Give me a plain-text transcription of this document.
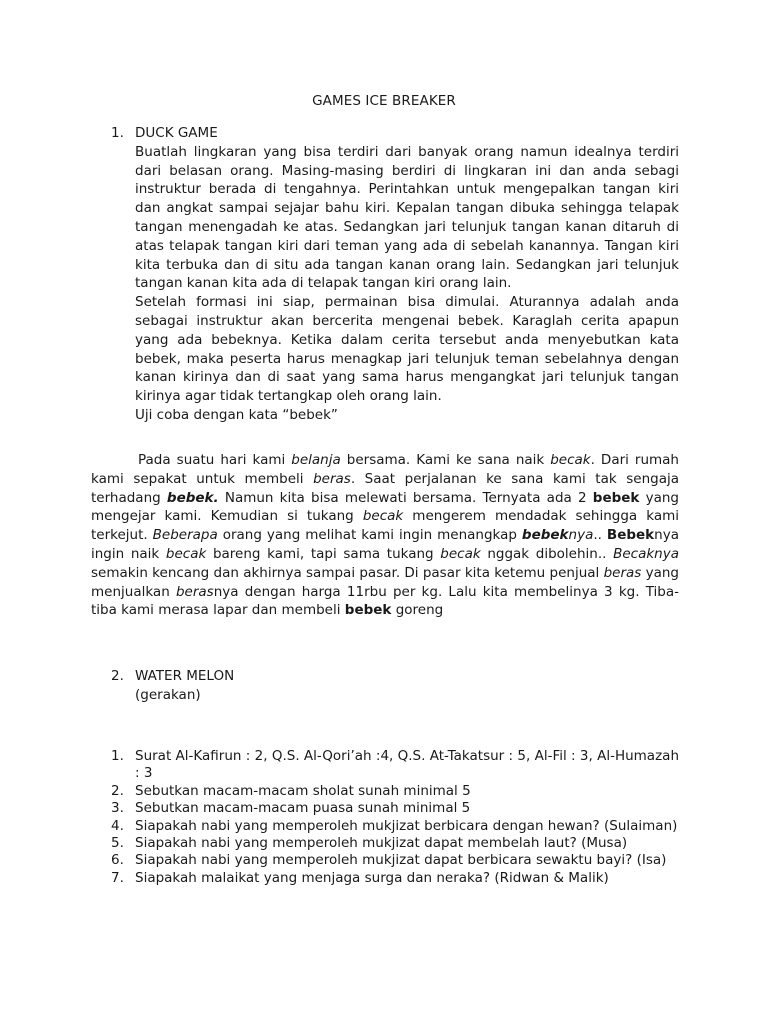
GAMES ICE BREAKER
1. DUCK GAME

Buatlah lingkaran yang bisa terdiri dari banyak orang namun idealnya terdiri dari belasan orang. Masing-masing berdiri di lingkaran ini dan anda sebagi instruktur berada di tengahnya. Perintahkan untuk mengepalkan tangan kiri dan angkat sampai sejajar bahu kiri. Kepalan tangan dibuka sehingga telapak tangan menengadah ke atas. Sedangkan jari telunjuk tangan kanan ditaruh di atas telapak tangan kiri dari teman yang ada di sebelah kanannya. Tangan kiri kita terbuka dan di situ ada tangan kanan orang lain. Sedangkan jari telunjuk tangan kanan kita ada di telapak tangan kiri orang lain.

Setelah formasi ini siap, permainan bisa dimulai. Aturannya adalah anda sebagai instruktur akan bercerita mengenai bebek. Karaglah cerita apapun yang ada bebeknya. Ketika dalam cerita tersebut anda menyebutkan kata bebek, maka peserta harus menagkap jari telunjuk teman sebelahnya dengan kanan kirinya dan di saat yang sama harus mengangkat jari telunjuk tangan kirinya agar tidak tertangkap oleh orang lain.

Uji coba dengan kata “bebek”

Pada suatu hari kami belanja bersama. Kami ke sana naik becak. Dari rumah kami sepakat untuk membeli beras. Saat perjalanan ke sana kami tak sengaja terhadang bebek. Namun kita bisa melewati bersama. Ternyata ada 2 bebek yang mengejar kami. Kemudian si tukang becak mengerem mendadak sehingga kami terkejut. Beberapa orang yang melihat kami ingin menangkap bebeknya.. Bebeknya ingin naik becak bareng kami, tapi sama tukang becak nggak dibolehin.. Becaknya semakin kencang dan akhirnya sampai pasar. Di pasar kita ketemu penjual beras yang menjualkan berasnya dengan harga 11rbu per kg. Lalu kita membelinya 3 kg. Tiba-tiba kami merasa lapar dan membeli bebek goreng

2. WATER MELON

(gerakan)

1. Surat Al-Kafirun : 2, Q.S. Al-Qori’ah :4, Q.S. At-Takatsur : 5, Al-Fil : 3, Al-Humazah : 3

2. Sebutkan macam-macam sholat sunah minimal 5

3. Sebutkan macam-macam puasa sunah minimal 5

4. Siapakah nabi yang memperoleh mukjizat berbicara dengan hewan? (Sulaiman)

5. Siapakah nabi yang memperoleh mukjizat dapat membelah laut? (Musa)

6. Siapakah nabi yang memperoleh mukjizat dapat berbicara sewaktu bayi? (Isa)

7. Siapakah malaikat yang menjaga surga dan neraka? (Ridwan & Malik)
